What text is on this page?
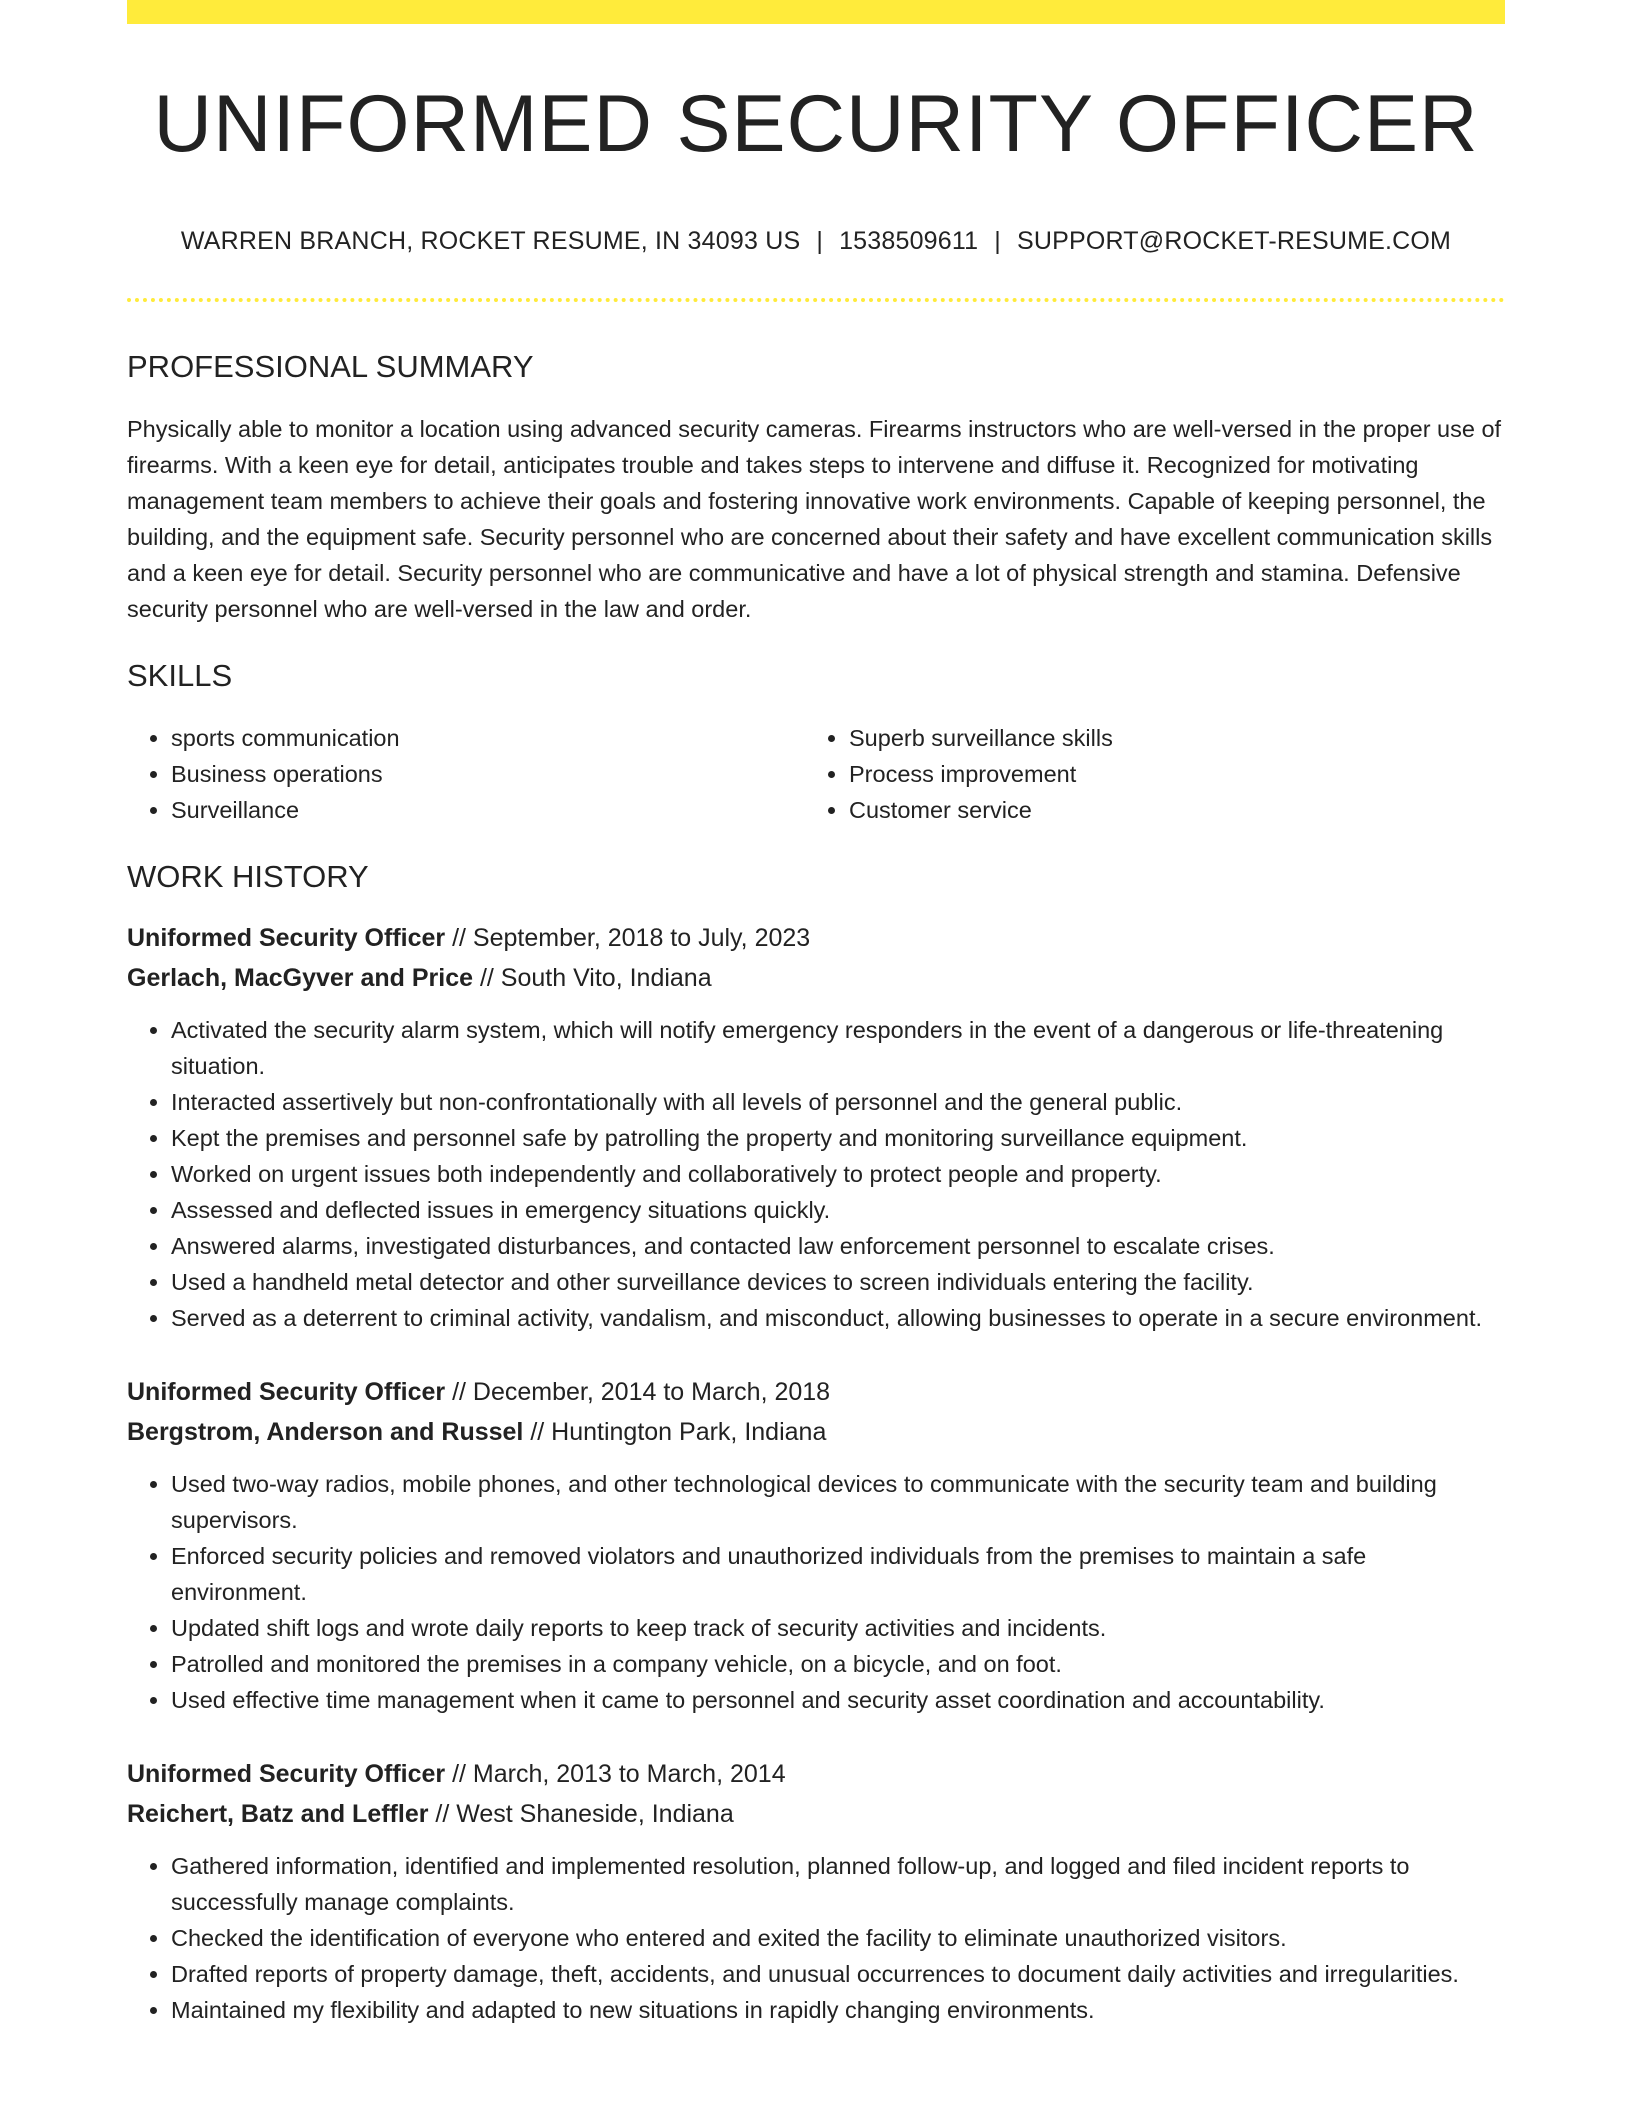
UNIFORMED SECURITY OFFICER
WARREN BRANCH, ROCKET RESUME, IN 34093 US | 1538509611 | SUPPORT@ROCKET-RESUME.COM
PROFESSIONAL SUMMARY

Physically able to monitor a location using advanced security cameras. Firearms instructors who are well-versed in the proper use of firearms. With a keen eye for detail, anticipates trouble and takes steps to intervene and diffuse it. Recognized for motivating management team members to achieve their goals and fostering innovative work environments. Capable of keeping personnel, the building, and the equipment safe. Security personnel who are concerned about their safety and have excellent communication skills and a keen eye for detail. Security personnel who are communicative and have a lot of physical strength and stamina. Defensive security personnel who are well-versed in the law and order.

SKILLS
• sports communication
• Business operations
• Surveillance
• Superb surveillance skills
• Process improvement
• Customer service
WORK HISTORY
Uniformed Security Officer // September, 2018 to July, 2023
Gerlach, MacGyver and Price // South Vito, Indiana
• Activated the security alarm system, which will notify emergency responders in the event of a dangerous or life-threatening situation.
• Interacted assertively but non-confrontationally with all levels of personnel and the general public.
• Kept the premises and personnel safe by patrolling the property and monitoring surveillance equipment.
• Worked on urgent issues both independently and collaboratively to protect people and property.
• Assessed and deflected issues in emergency situations quickly.
• Answered alarms, investigated disturbances, and contacted law enforcement personnel to escalate crises.
• Used a handheld metal detector and other surveillance devices to screen individuals entering the facility.
• Served as a deterrent to criminal activity, vandalism, and misconduct, allowing businesses to operate in a secure environment.
Uniformed Security Officer // December, 2014 to March, 2018
Bergstrom, Anderson and Russel // Huntington Park, Indiana
• Used two-way radios, mobile phones, and other technological devices to communicate with the security team and building supervisors.
• Enforced security policies and removed violators and unauthorized individuals from the premises to maintain a safe environment.
• Updated shift logs and wrote daily reports to keep track of security activities and incidents.
• Patrolled and monitored the premises in a company vehicle, on a bicycle, and on foot.
• Used effective time management when it came to personnel and security asset coordination and accountability.
Uniformed Security Officer // March, 2013 to March, 2014
Reichert, Batz and Leffler // West Shaneside, Indiana
• Gathered information, identified and implemented resolution, planned follow-up, and logged and filed incident reports to successfully manage complaints.
• Checked the identification of everyone who entered and exited the facility to eliminate unauthorized visitors.
• Drafted reports of property damage, theft, accidents, and unusual occurrences to document daily activities and irregularities.
• Maintained my flexibility and adapted to new situations in rapidly changing environments.
